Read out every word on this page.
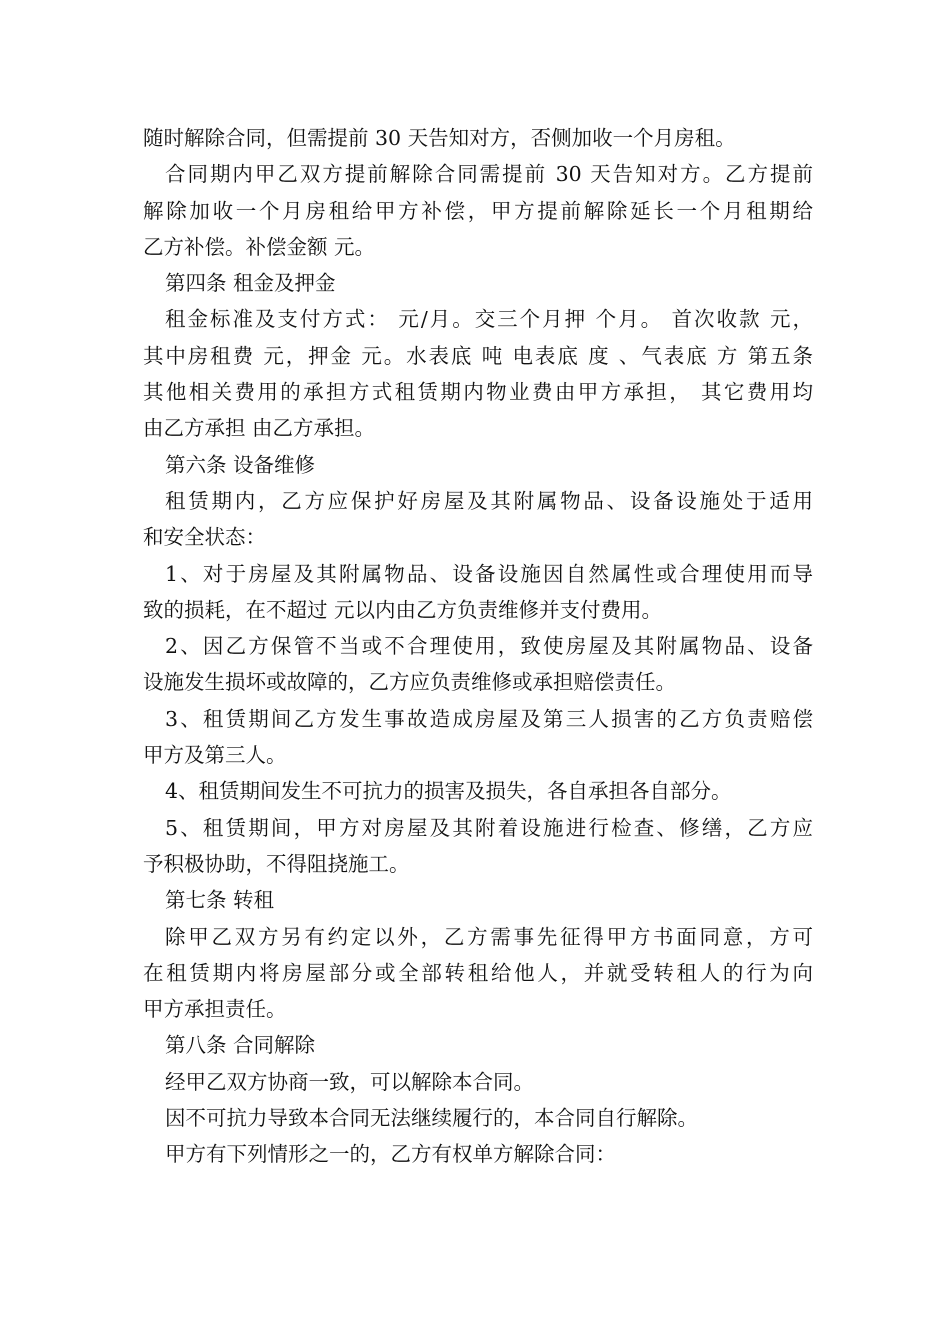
随时解除合同，但需提前 30 天告知对方，否侧加收一个月房租。
合同期内甲乙双方提前解除合同需提前 30 天告知对方。乙方提前
解除加收一个月房租给甲方补偿，甲方提前解除延长一个月租期给
乙方补偿。补偿金额 元。
第四条 租金及押金
租金标准及支付方式： 元/月。交三个月押 个月。 首次收款 元，
其中房租费 元，押金 元。水表底 吨 电表底 度 、气表底 方 第五条
其他相关费用的承担方式租赁期内物业费由甲方承担， 其它费用均
由乙方承担 由乙方承担。
第六条 设备维修
租赁期内，乙方应保护好房屋及其附属物品、设备设施处于适用
和安全状态：
1、对于房屋及其附属物品、设备设施因自然属性或合理使用而导
致的损耗，在不超过 元以内由乙方负责维修并支付费用。
2、因乙方保管不当或不合理使用，致使房屋及其附属物品、设备
设施发生损坏或故障的，乙方应负责维修或承担赔偿责任。
3、租赁期间乙方发生事故造成房屋及第三人损害的乙方负责赔偿
甲方及第三人。
4、租赁期间发生不可抗力的损害及损失，各自承担各自部分。
5、租赁期间，甲方对房屋及其附着设施进行检查、修缮，乙方应
予积极协助，不得阻挠施工。
第七条 转租
除甲乙双方另有约定以外，乙方需事先征得甲方书面同意，方可
在租赁期内将房屋部分或全部转租给他人，并就受转租人的行为向
甲方承担责任。
第八条 合同解除
经甲乙双方协商一致，可以解除本合同。
因不可抗力导致本合同无法继续履行的，本合同自行解除。
甲方有下列情形之一的，乙方有权单方解除合同：
